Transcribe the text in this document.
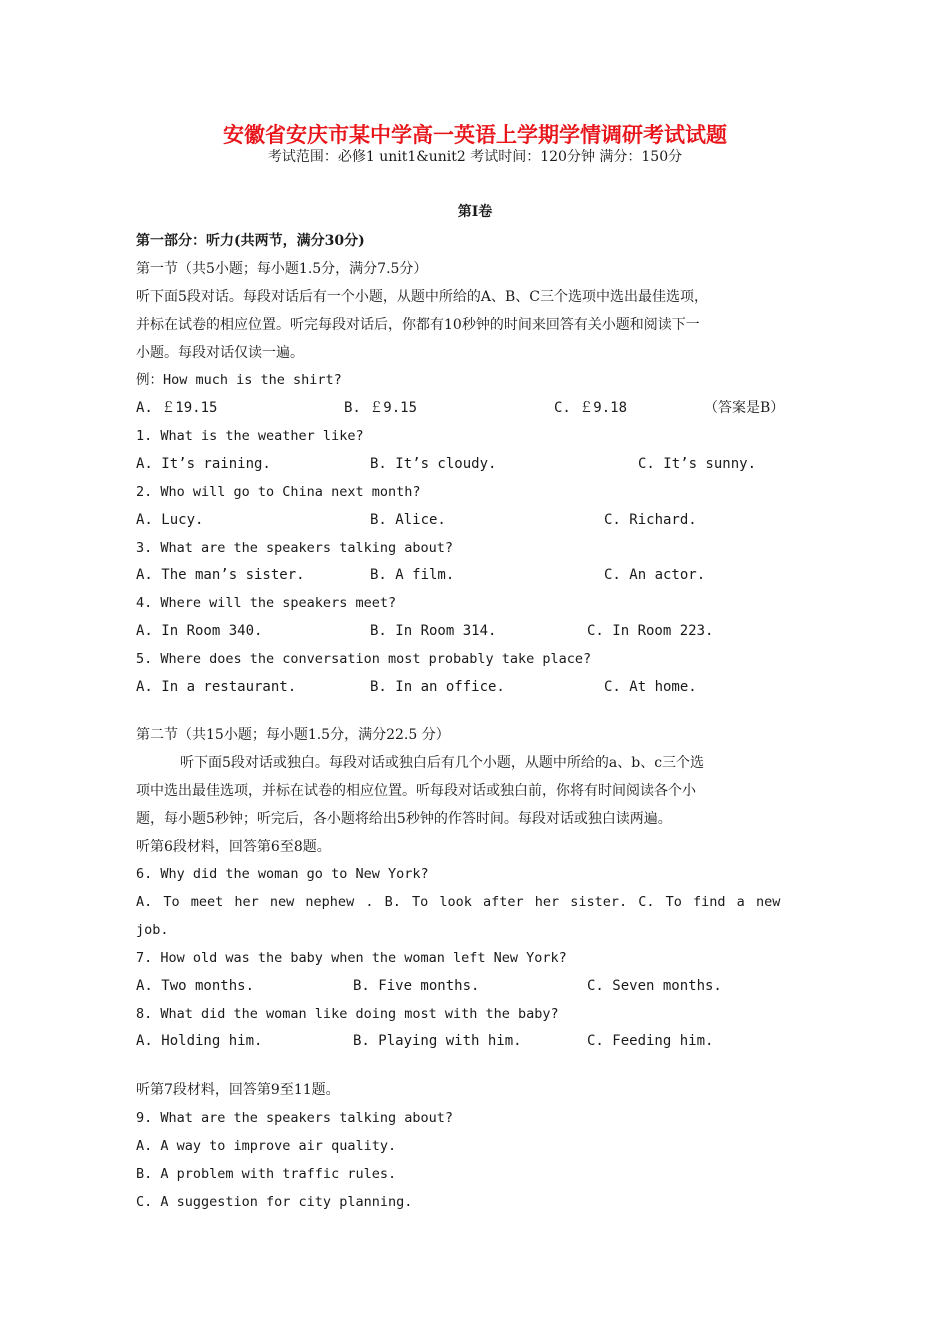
安徽省安庆市某中学高一英语上学期学情调研考试试题
考试范围：必修1 unit1&unit2 考试时间：120分钟 满分：150分
第Ⅰ卷
第一部分：听力(共两节，满分30分)
第一节（共5小题；每小题1.5分，满分7.5分）
听下面5段对话。每段对话后有一个小题，从题中所给的A、B、C三个选项中选出最佳选项，
并标在试卷的相应位置。听完每段对话后，你都有10秒钟的时间来回答有关小题和阅读下一
小题。每段对话仅读一遍。
例：How much is the shirt?
A. ￡19.15	B. ￡9.15	C. ￡9.18	（答案是B）
1. What is the weather like?
A. It’s raining.	B. It’s cloudy.	C. It’s sunny.
2. Who will go to China next month?
A. Lucy.	B. Alice.	C. Richard.
3. What are the speakers talking about?
A. The man’s sister.	B. A film.	C. An actor.
4. Where will the speakers meet?
A. In Room 340.	B. In Room 314.	C. In Room 223.
5. Where does the conversation most probably take place?
A. In a restaurant.	B. In an office.	C. At home.
第二节（共15小题；每小题1.5分，满分22.5 分）
听下面5段对话或独白。每段对话或独白后有几个小题，从题中所给的a、b、c三个选
项中选出最佳选项，并标在试卷的相应位置。听每段对话或独白前，你将有时间阅读各个小
题，每小题5秒钟；听完后，各小题将给出5秒钟的作答时间。每段对话或独白读两遍。
听第6段材料，回答第6至8题。
6. Why did the woman go to New York?
A. To meet her new nephew . B. To look after her sister. C. To find a new
job.
7. How old was the baby when the woman left New York?
A. Two months.	B. Five months.	C. Seven months.
8. What did the woman like doing most with the baby?
A. Holding him.	B. Playing with him.	C. Feeding him.
听第7段材料，回答第9至11题。
9. What are the speakers talking about?
A. A way to improve air quality.
B. A problem with traffic rules.
C. A suggestion for city planning.
